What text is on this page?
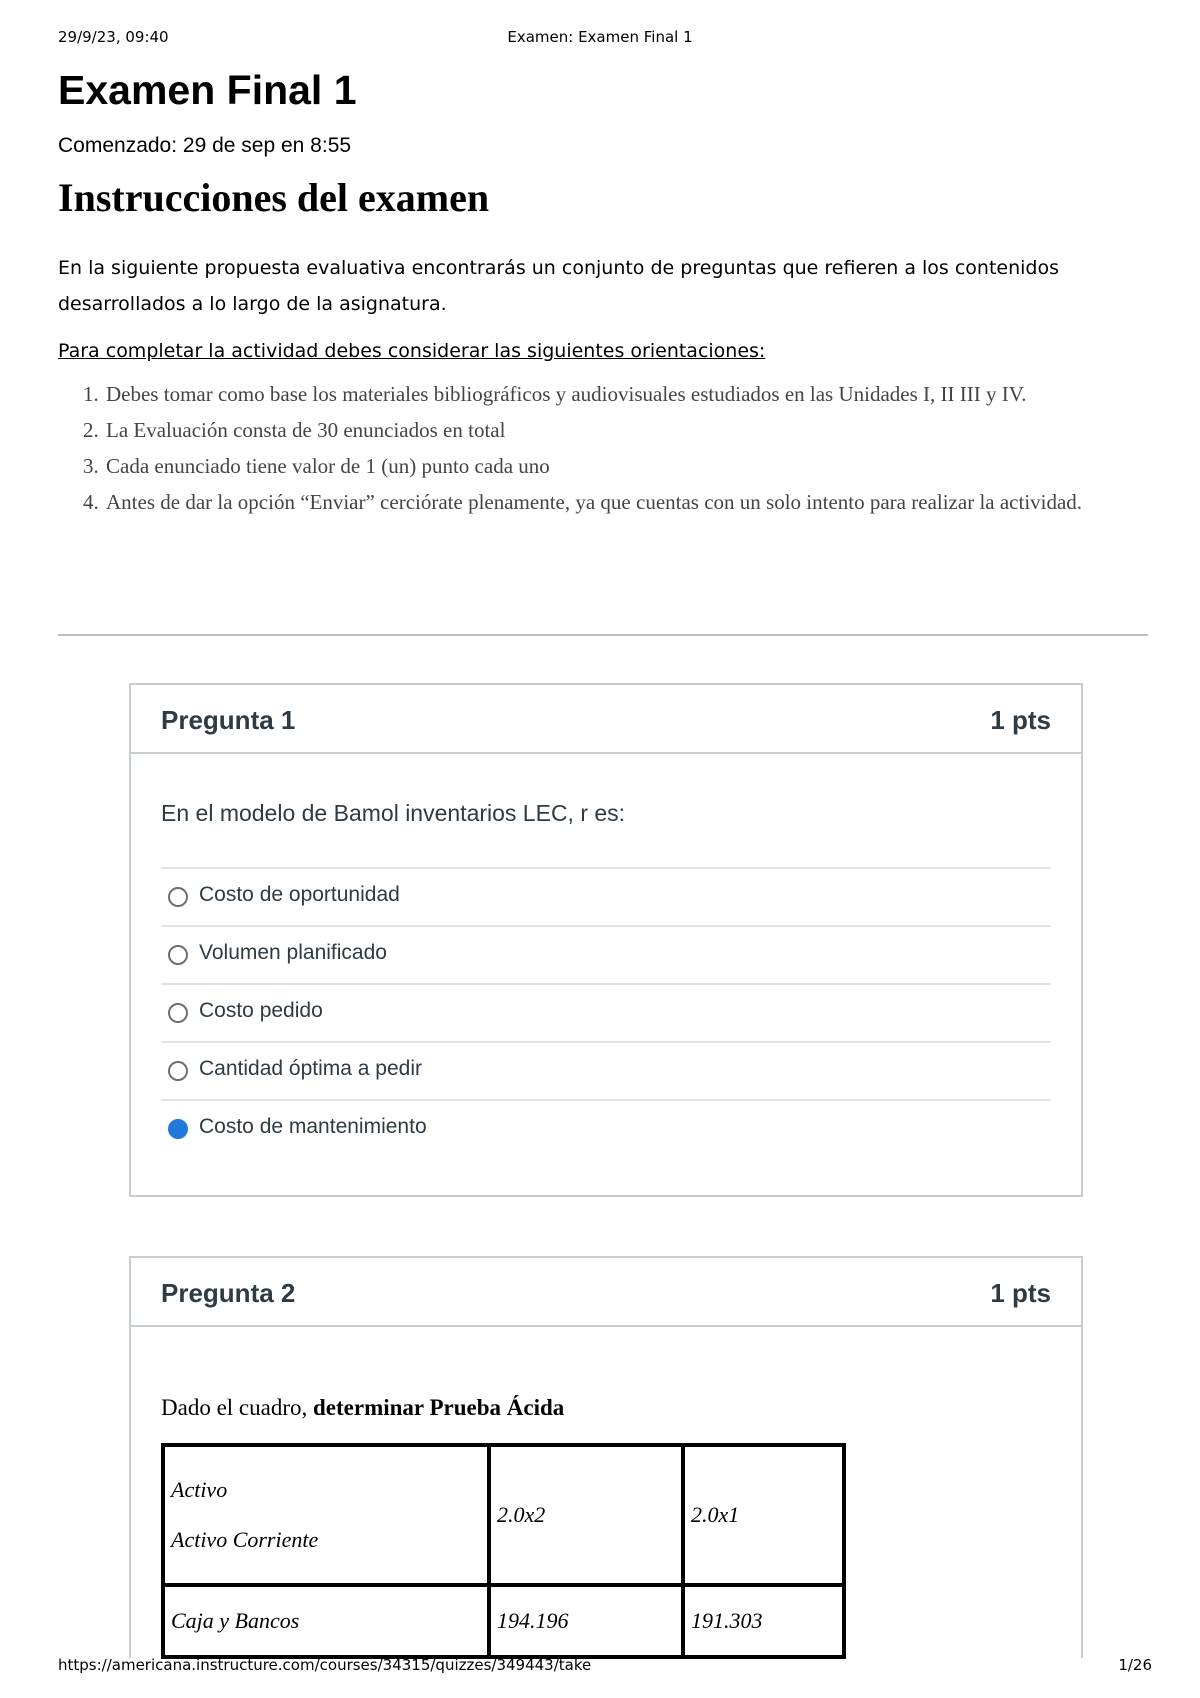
29/9/23, 09:40	Examen: Examen Final 1
Examen Final 1
Comenzado: 29 de sep en 8:55
Instrucciones del examen
En la siguiente propuesta evaluativa encontrarás un conjunto de preguntas que refieren a los contenidos desarrollados a lo largo de la asignatura.
Para completar la actividad debes considerar las siguientes orientaciones:
1. Debes tomar como base los materiales bibliográficos y audiovisuales estudiados en las Unidades I, II III y IV.
2. La Evaluación consta de 30 enunciados en total
3. Cada enunciado tiene valor de 1 (un) punto cada uno
4. Antes de dar la opción “Enviar” cerciórate plenamente, ya que cuentas con un solo intento para realizar la actividad.
Pregunta 1	1 pts
En el modelo de Bamol inventarios LEC, r es:
Costo de oportunidad
Volumen planificado
Costo pedido
Cantidad óptima a pedir
Costo de mantenimiento
Pregunta 2	1 pts
Dado el cuadro, determinar Prueba Ácida
Activo
Activo Corriente	2.0x2	2.0x1
Caja y Bancos	194.196	191.303
https://americana.instructure.com/courses/34315/quizzes/349443/take	1/26
